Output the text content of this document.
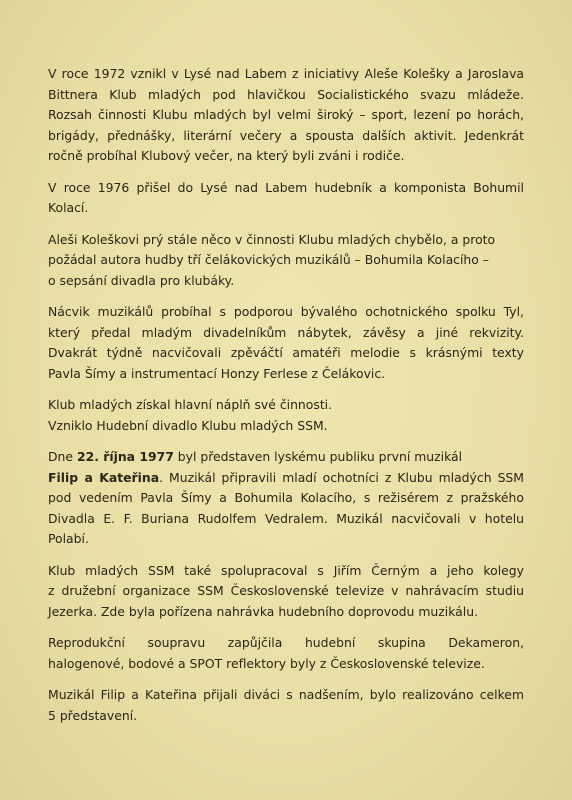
V roce 1972 vznikl v Lysé nad Labem z iniciativy Aleše Kolešky a Jaroslava
Bittnera Klub mladých pod hlavičkou Socialistického svazu mládeže.
Rozsah činnosti Klubu mladých byl velmi široký – sport, lezení po horách,
brigády, přednášky, literární večery a spousta dalších aktivit. Jedenkrát
ročně probíhal Klubový večer, na který byli zváni i rodiče.
V roce 1976 přišel do Lysé nad Labem hudebník a komponista Bohumil
Kolací.
Aleši Koleškovi prý stále něco v činnosti Klubu mladých chybělo, a proto
požádal autora hudby tří čelákovických muzikálů – Bohumila Kolacího –
o sepsání divadla pro klubáky.
Nácvik muzikálů probíhal s podporou bývalého ochotnického spolku Tyl,
který předal mladým divadelníkům nábytek, závěsy a jiné rekvizity.
Dvakrát týdně nacvičovali zpěváčtí amatéři melodie s krásnými texty
Pavla Šímy a instrumentací Honzy Ferlese z Čelákovic.
Klub mladých získal hlavní náplň své činnosti.
Vzniklo Hudební divadlo Klubu mladých SSM.
Dne 22. října 1977 byl představen lyskému publiku první muzikál
Filip a Kateřina. Muzikál připravili mladí ochotníci z Klubu mladých SSM
pod vedením Pavla Šímy a Bohumila Kolacího, s režisérem z pražského
Divadla E. F. Buriana Rudolfem Vedralem. Muzikál nacvičovali v hotelu
Polabí.
Klub mladých SSM také spolupracoval s Jiřím Černým a jeho kolegy
z družební organizace SSM Československé televize v nahrávacím studiu
Jezerka. Zde byla pořízena nahrávka hudebního doprovodu muzikálu.
Reprodukční soupravu zapůjčila hudební skupina Dekameron,
halogenové, bodové a SPOT reflektory byly z Československé televize.
Muzikál Filip a Kateřina přijali diváci s nadšením, bylo realizováno celkem
5 představení.
